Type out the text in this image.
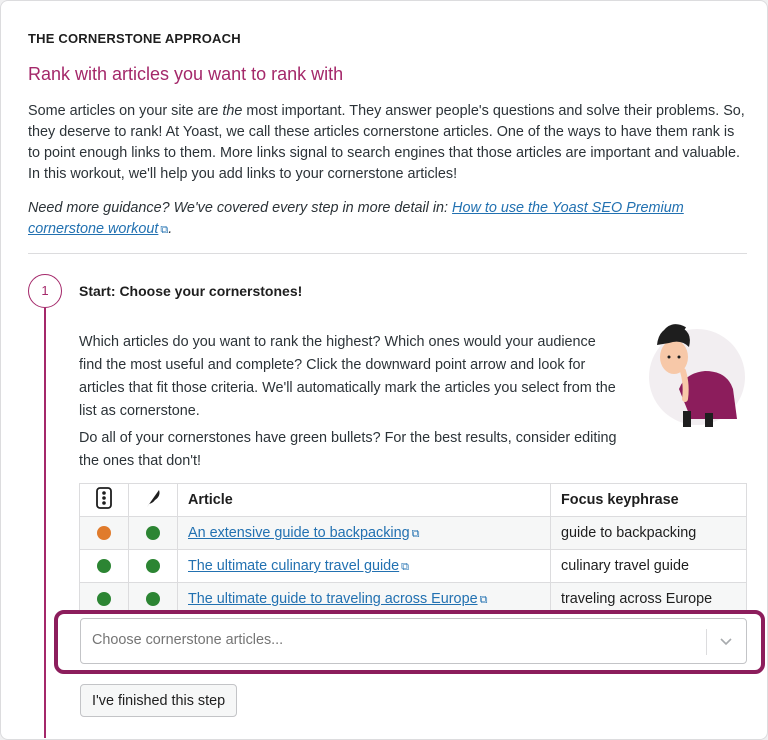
THE CORNERSTONE APPROACH
Rank with articles you want to rank with

Some articles on your site are the most important. They answer people's questions and solve their problems. So, they deserve to rank! At Yoast, we call these articles cornerstone articles. One of the ways to have them rank is to point enough links to them. More links signal to search engines that those articles are important and valuable. In this workout, we'll help you add links to your cornerstone articles!

Need more guidance? We've covered every step in more detail in: How to use the Yoast SEO Premium cornerstone workout ⧉.

1	Start: Choose your cornerstones!

Which articles do you want to rank the highest? Which ones would your audience find the most useful and complete? Click the downward point arrow and look for articles that fit those criteria. We'll automatically mark the articles you select from the list as cornerstone.

Do all of your cornerstones have green bullets? For the best results, consider editing the ones that don't!

		Article	Focus keyphrase
		An extensive guide to backpacking ⧉	guide to backpacking
		The ultimate culinary travel guide ⧉	culinary travel guide
		The ultimate guide to traveling across Europe ⧉	traveling across Europe
Choose cornerstone articles...
I've finished this step
